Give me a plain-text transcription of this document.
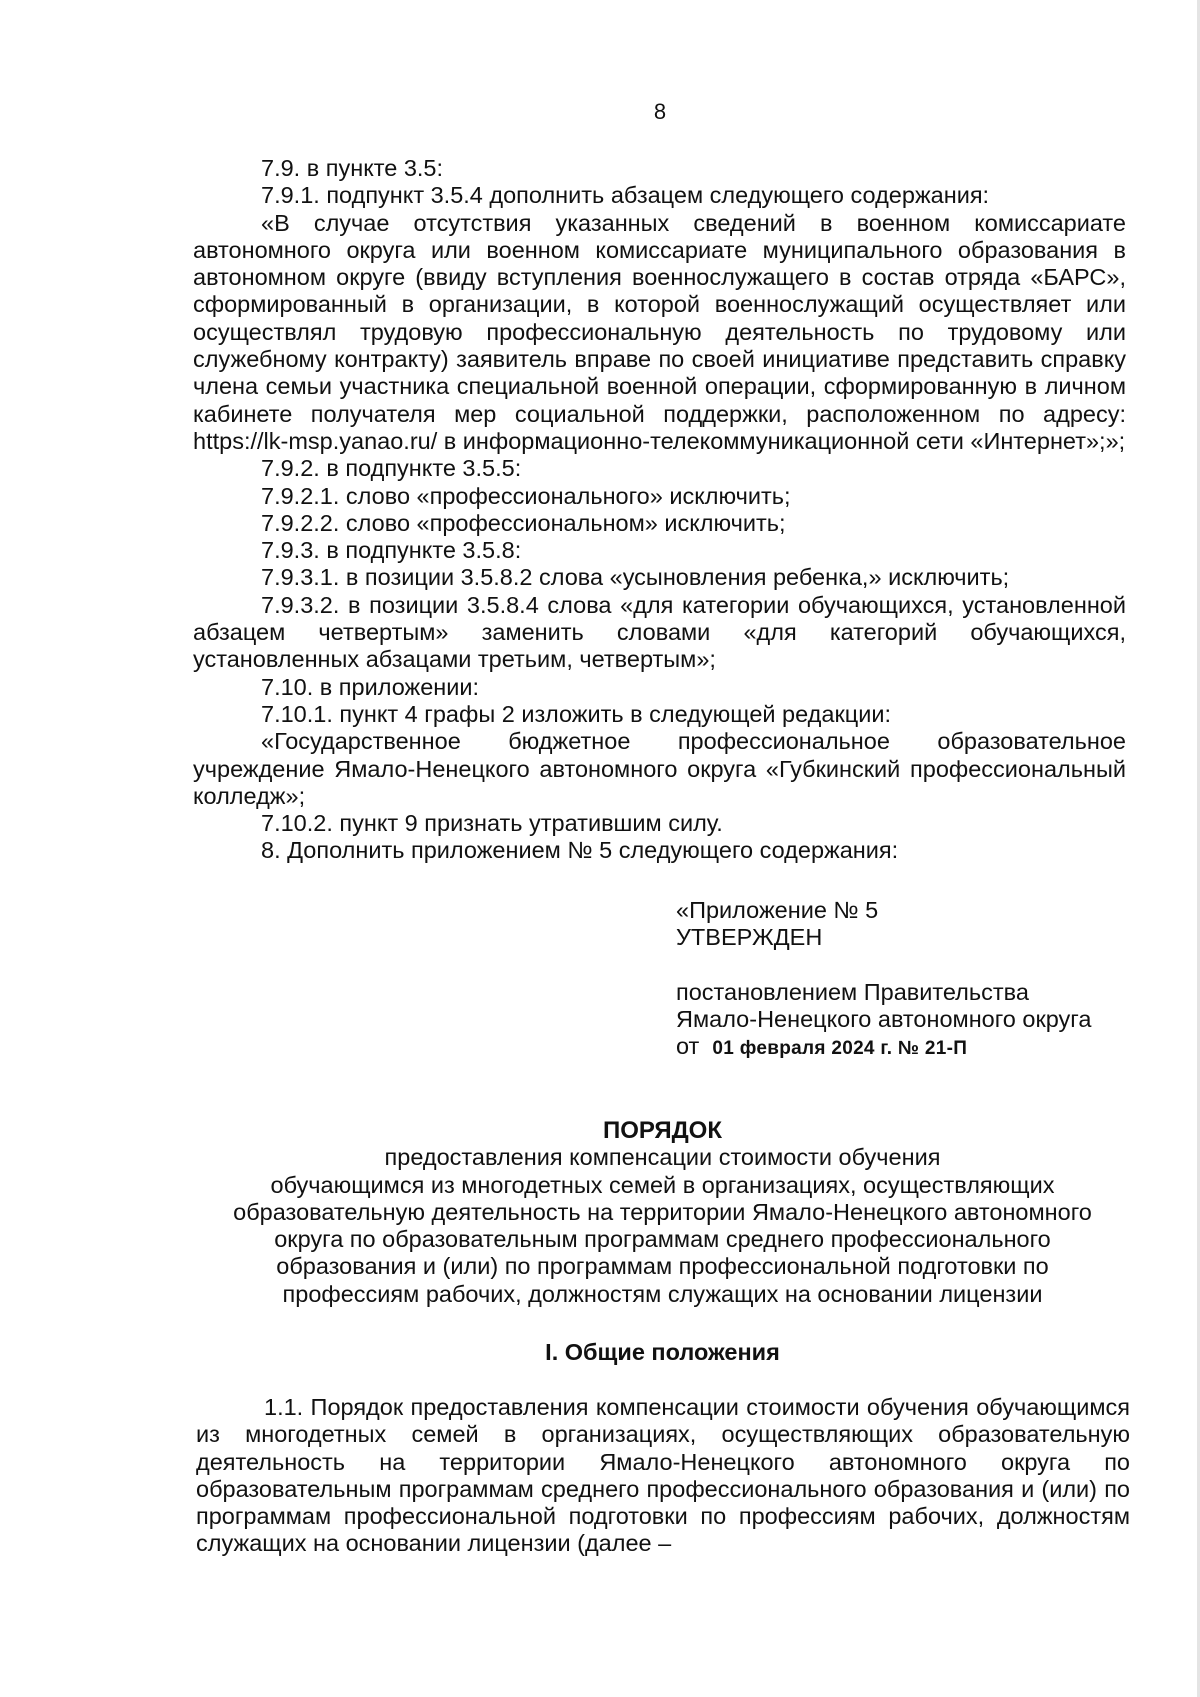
8

7.9. в пункте 3.5:

7.9.1. подпункт 3.5.4 дополнить абзацем следующего содержания:

«В случае отсутствия указанных сведений в военном комиссариате автономного округа или военном комиссариате муниципального образования в автономном округе (ввиду вступления военнослужащего в состав отряда «БАРС», сформированный в организации, в которой военнослужащий осуществляет или осуществлял трудовую профессиональную деятельность по трудовому или служебному контракту) заявитель вправе по своей инициативе представить справку члена семьи участника специальной военной операции, сформированную в личном кабинете получателя мер социальной поддержки, расположенном по адресу: https://lk-msp.yanao.ru/ в информационно-телекоммуникационной сети «Интернет»;»;

7.9.2. в подпункте 3.5.5:

7.9.2.1. слово «профессионального» исключить;

7.9.2.2. слово «профессиональном» исключить;

7.9.3. в подпункте 3.5.8:

7.9.3.1. в позиции 3.5.8.2 слова «усыновления ребенка,» исключить;

7.9.3.2. в позиции 3.5.8.4 слова «для категории обучающихся, установленной абзацем четвертым» заменить словами «для категорий обучающихся, установленных абзацами третьим, четвертым»;

7.10. в приложении:

7.10.1. пункт 4 графы 2 изложить в следующей редакции:

«Государственное бюджетное профессиональное образовательное учреждение Ямало-Ненецкого автономного округа «Губкинский профессиональный колледж»;

7.10.2. пункт 9 признать утратившим силу.

8. Дополнить приложением № 5 следующего содержания:

«Приложение № 5
УТВЕРЖДЕН
постановлением Правительства
Ямало-Ненецкого автономного округа
от 01 февраля 2024 г. № 21-П
ПОРЯДОК
предоставления компенсации стоимости обучения
обучающимся из многодетных семей в организациях, осуществляющих
образовательную деятельность на территории Ямало-Ненецкого автономного
округа по образовательным программам среднего профессионального
образования и (или) по программам профессиональной подготовки по
профессиям рабочих, должностям служащих на основании лицензии
I. Общие положения

1.1. Порядок предоставления компенсации стоимости обучения обучающимся из многодетных семей в организациях, осуществляющих образовательную деятельность на территории Ямало-Ненецкого автономного округа по образовательным программам среднего профессионального образования и (или) по программам профессиональной подготовки по профессиям рабочих, должностям служащих на основании лицензии (далее –
